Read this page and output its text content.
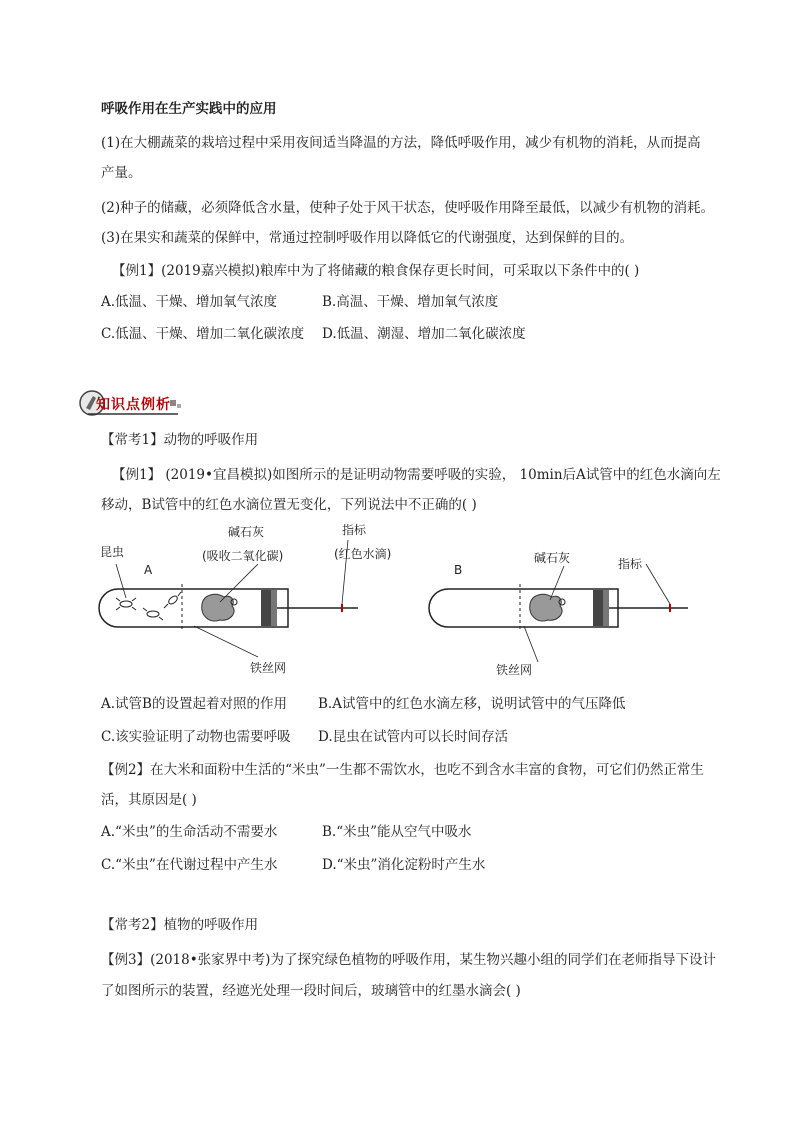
呼吸作用在生产实践中的应用
(1)在大棚蔬菜的栽培过程中采用夜间适当降温的方法，降低呼吸作用，减少有机物的消耗，从而提高
产量。
(2)种子的储藏，必须降低含水量，使种子处于风干状态，使呼吸作用降至最低，以减少有机物的消耗。
(3)在果实和蔬菜的保鲜中，常通过控制呼吸作用以降低它的代谢强度，达到保鲜的目的。
【例1】(2019嘉兴模拟)粮库中为了将储藏的粮食保存更长时间，可采取以下条件中的( )
A.低温、干燥、增加氧气浓度	B.高温、干燥、增加氧气浓度
C.低温、干燥、增加二氧化碳浓度 D.低温、潮湿、增加二氧化碳浓度
知识点例析
【常考1】动物的呼吸作用
【例1】 (2019•宜昌模拟)如图所示的是证明动物需要呼吸的实验， 10min后A试管中的红色水滴向左
移动，B试管中的红色水滴位置无变化，下列说法中不正确的( )
昆虫
A
碱石灰
(吸收二氧化碳)
指标
(红色水滴)
铁丝网
B
碱石灰	指标
铁丝网
A.试管B的设置起着对照的作用 B.A试管中的红色水滴左移，说明试管中的气压降低
C.该实验证明了动物也需要呼吸 D.昆虫在试管内可以长时间存活
【例2】在大米和面粉中生活的“米虫”一生都不需饮水，也吃不到含水丰富的食物，可它们仍然正常生
活，其原因是( )
A.“米虫”的生命活动不需要水	B.“米虫”能从空气中吸水
C.“米虫”在代谢过程中产生水	D.“米虫”消化淀粉时产生水
【常考2】植物的呼吸作用
【例3】(2018•张家界中考)为了探究绿色植物的呼吸作用，某生物兴趣小组的同学们在老师指导下设计
了如图所示的装置，经遮光处理一段时间后，玻璃管中的红墨水滴会( )
